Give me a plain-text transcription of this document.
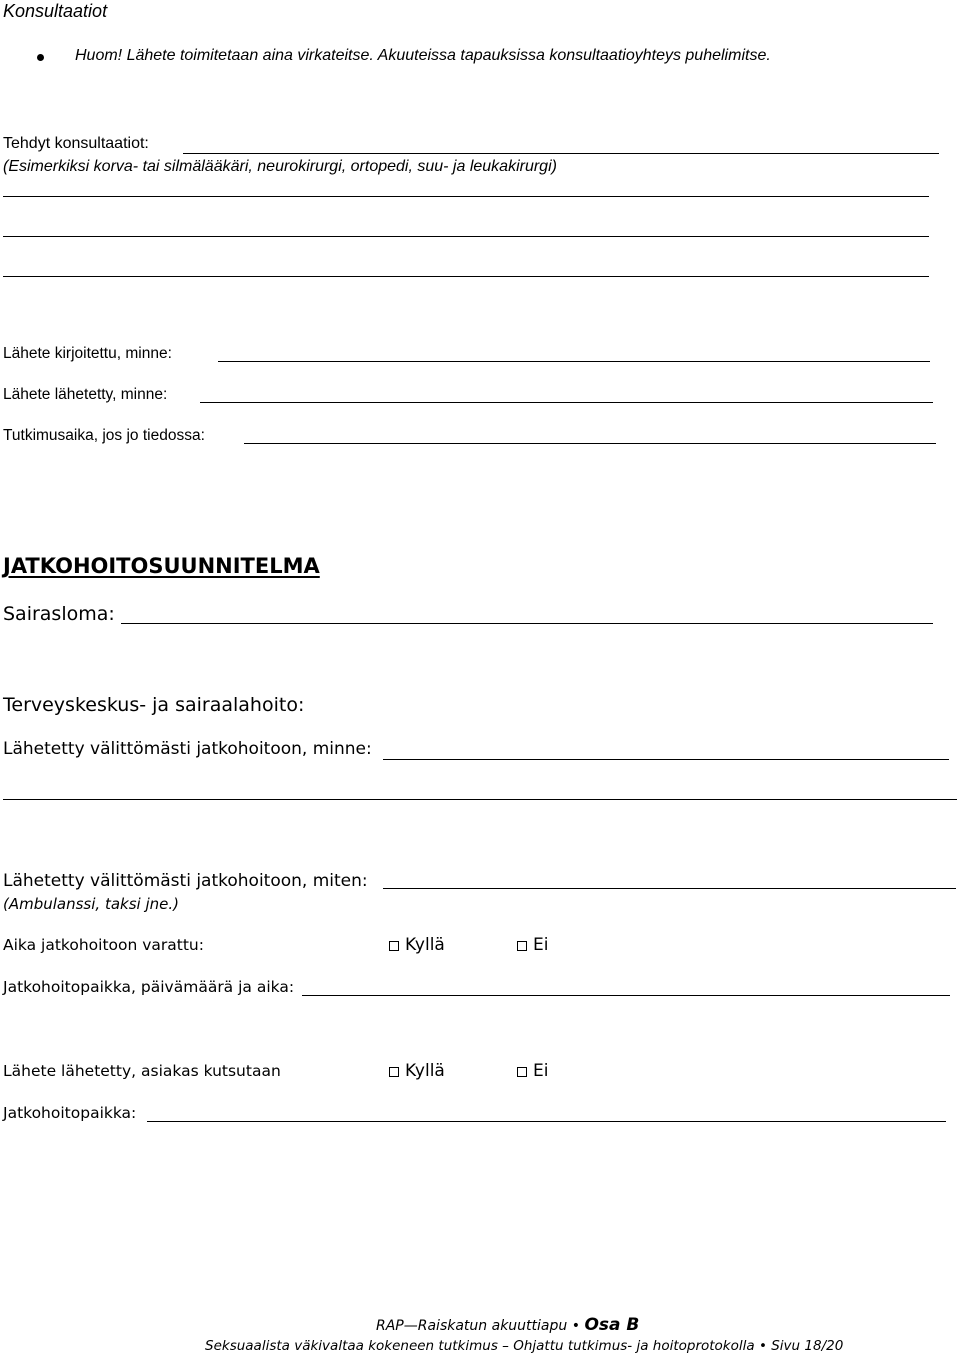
Konsultaatiot
Huom! Lähete toimitetaan aina virkateitse. Akuuteissa tapauksissa konsultaatioyhteys puhelimitse.
Tehdyt konsultaatiot:
(Esimerkiksi korva- tai silmälääkäri, neurokirurgi, ortopedi, suu- ja leukakirurgi)
Lähete kirjoitettu, minne:
Lähete lähetetty, minne:
Tutkimusaika, jos jo tiedossa:
JATKOHOITOSUUNNITELMA
Sairasloma:
Terveyskeskus- ja sairaalahoito:
Lähetetty välittömästi jatkohoitoon, minne:
Lähetetty välittömästi jatkohoitoon, miten:
(Ambulanssi, taksi jne.)
Aika jatkohoitoon varattu:	Kyllä	Ei
Jatkohoitopaikka, päivämäärä ja aika:
Lähete lähetetty, asiakas kutsutaan	Kyllä	Ei
Jatkohoitopaikka:
RAP—Raiskatun akuuttiapu • Osa B
Seksuaalista väkivaltaa kokeneen tutkimus – Ohjattu tutkimus- ja hoitoprotokolla • Sivu 18/20
